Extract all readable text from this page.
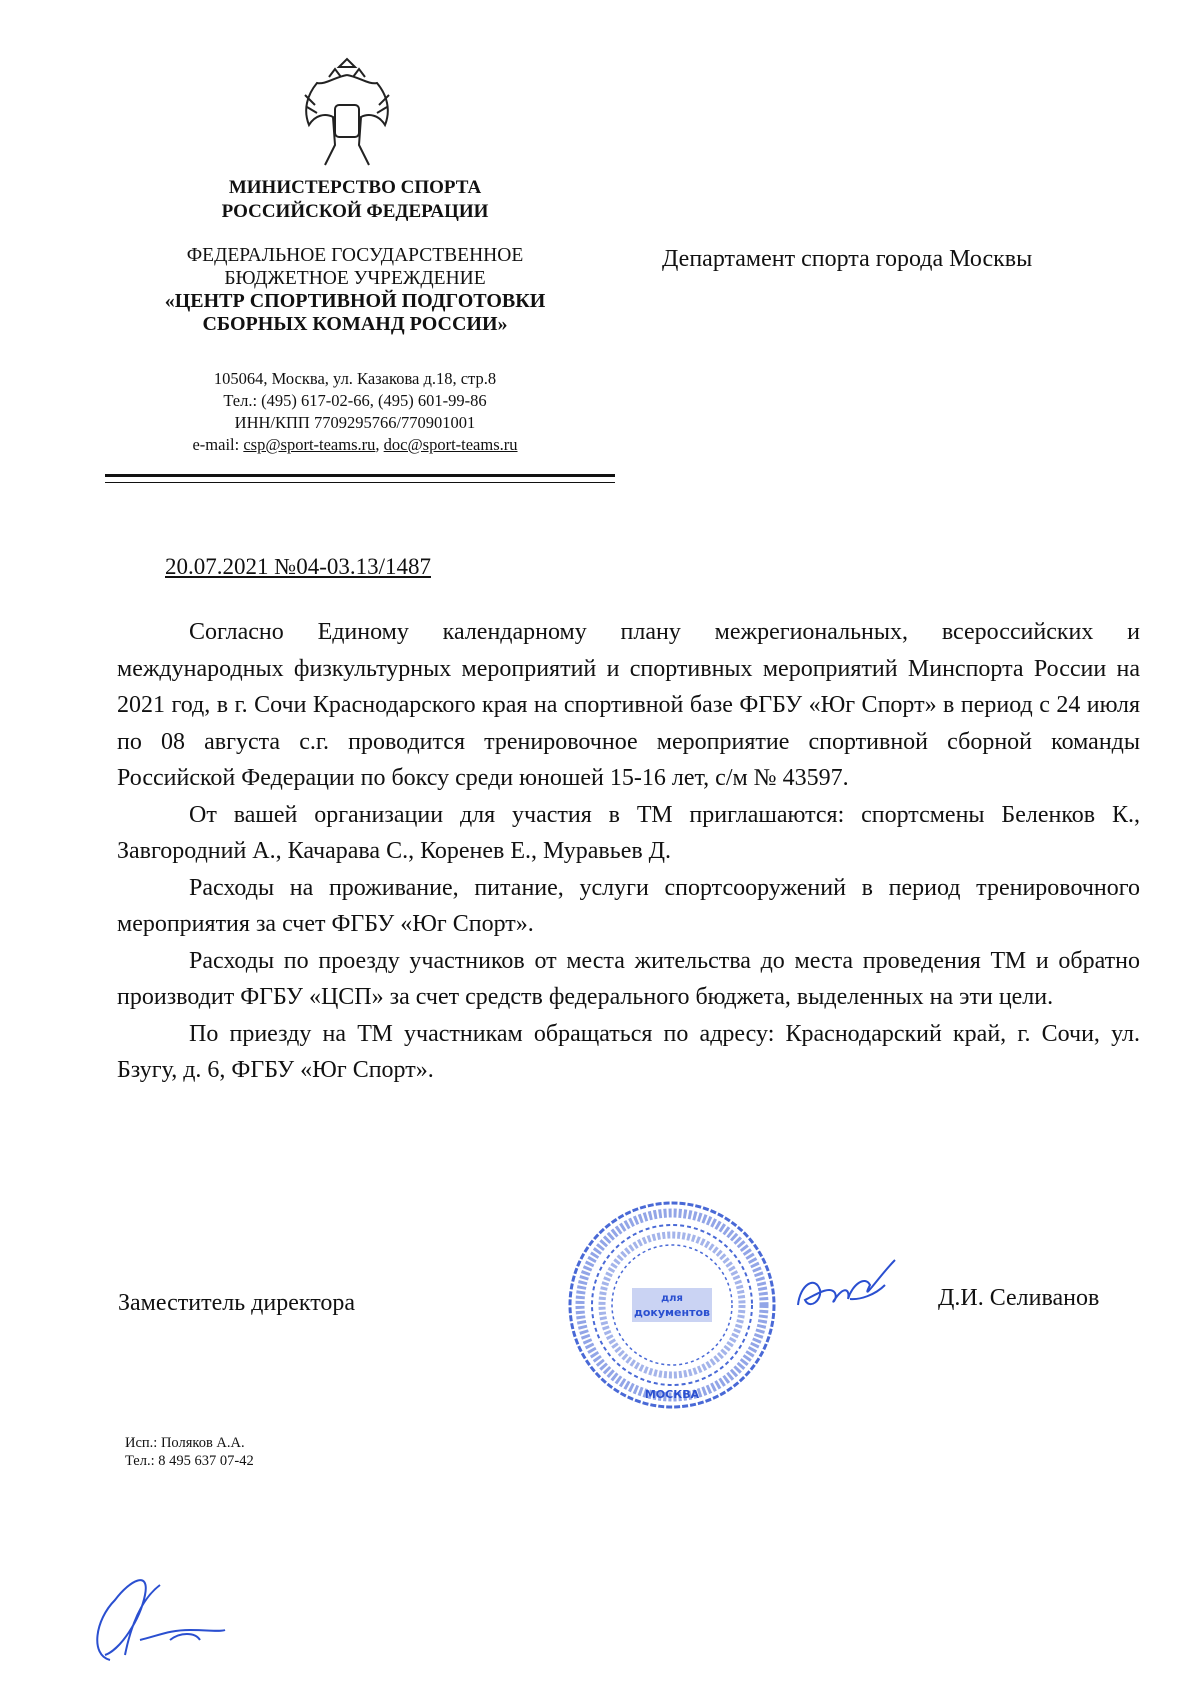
МИНИСТЕРСТВО СПОРТА
РОССИЙСКОЙ ФЕДЕРАЦИИ
ФЕДЕРАЛЬНОЕ ГОСУДАРСТВЕННОЕ
БЮДЖЕТНОЕ УЧРЕЖДЕНИЕ
«ЦЕНТР СПОРТИВНОЙ ПОДГОТОВКИ
СБОРНЫХ КОМАНД РОССИИ»
105064, Москва, ул. Казакова д.18, стр.8
Тел.: (495) 617-02-66, (495) 601-99-86
ИНН/КПП 7709295766/770901001
e-mail: csp@sport-teams.ru, doc@sport-teams.ru
Департамент спорта города Москвы
20.07.2021 №04-03.13/1487

Согласно Единому календарному плану межрегиональных, всероссийских и международных физкультурных мероприятий и спортивных мероприятий Минспорта России на 2021 год, в г. Сочи Краснодарского края на спортивной базе ФГБУ «Юг Спорт» в период с 24 июля по 08 августа с.г. проводится тренировочное мероприятие спортивной сборной команды Российской Федерации по боксу среди юношей 15-16 лет, с/м № 43597.

От вашей организации для участия в ТМ приглашаются: спортсмены Беленков К., Завгородний А., Качарава С., Коренев Е., Муравьев Д.

Расходы на проживание, питание, услуги спортсооружений в период тренировочного мероприятия за счет ФГБУ «Юг Спорт».

Расходы по проезду участников от места жительства до места проведения ТМ и обратно производит ФГБУ «ЦСП» за счет средств федерального бюджета, выделенных на эти цели.

По приезду на ТМ участникам обращаться по адресу: Краснодарский край, г. Сочи, ул. Бзугу, д. 6, ФГБУ «Юг Спорт».

Заместитель директора	для
документов
МОСКВА
Д.И. Селиванов
Исп.: Поляков А.А.
Тел.: 8 495 637 07-42
